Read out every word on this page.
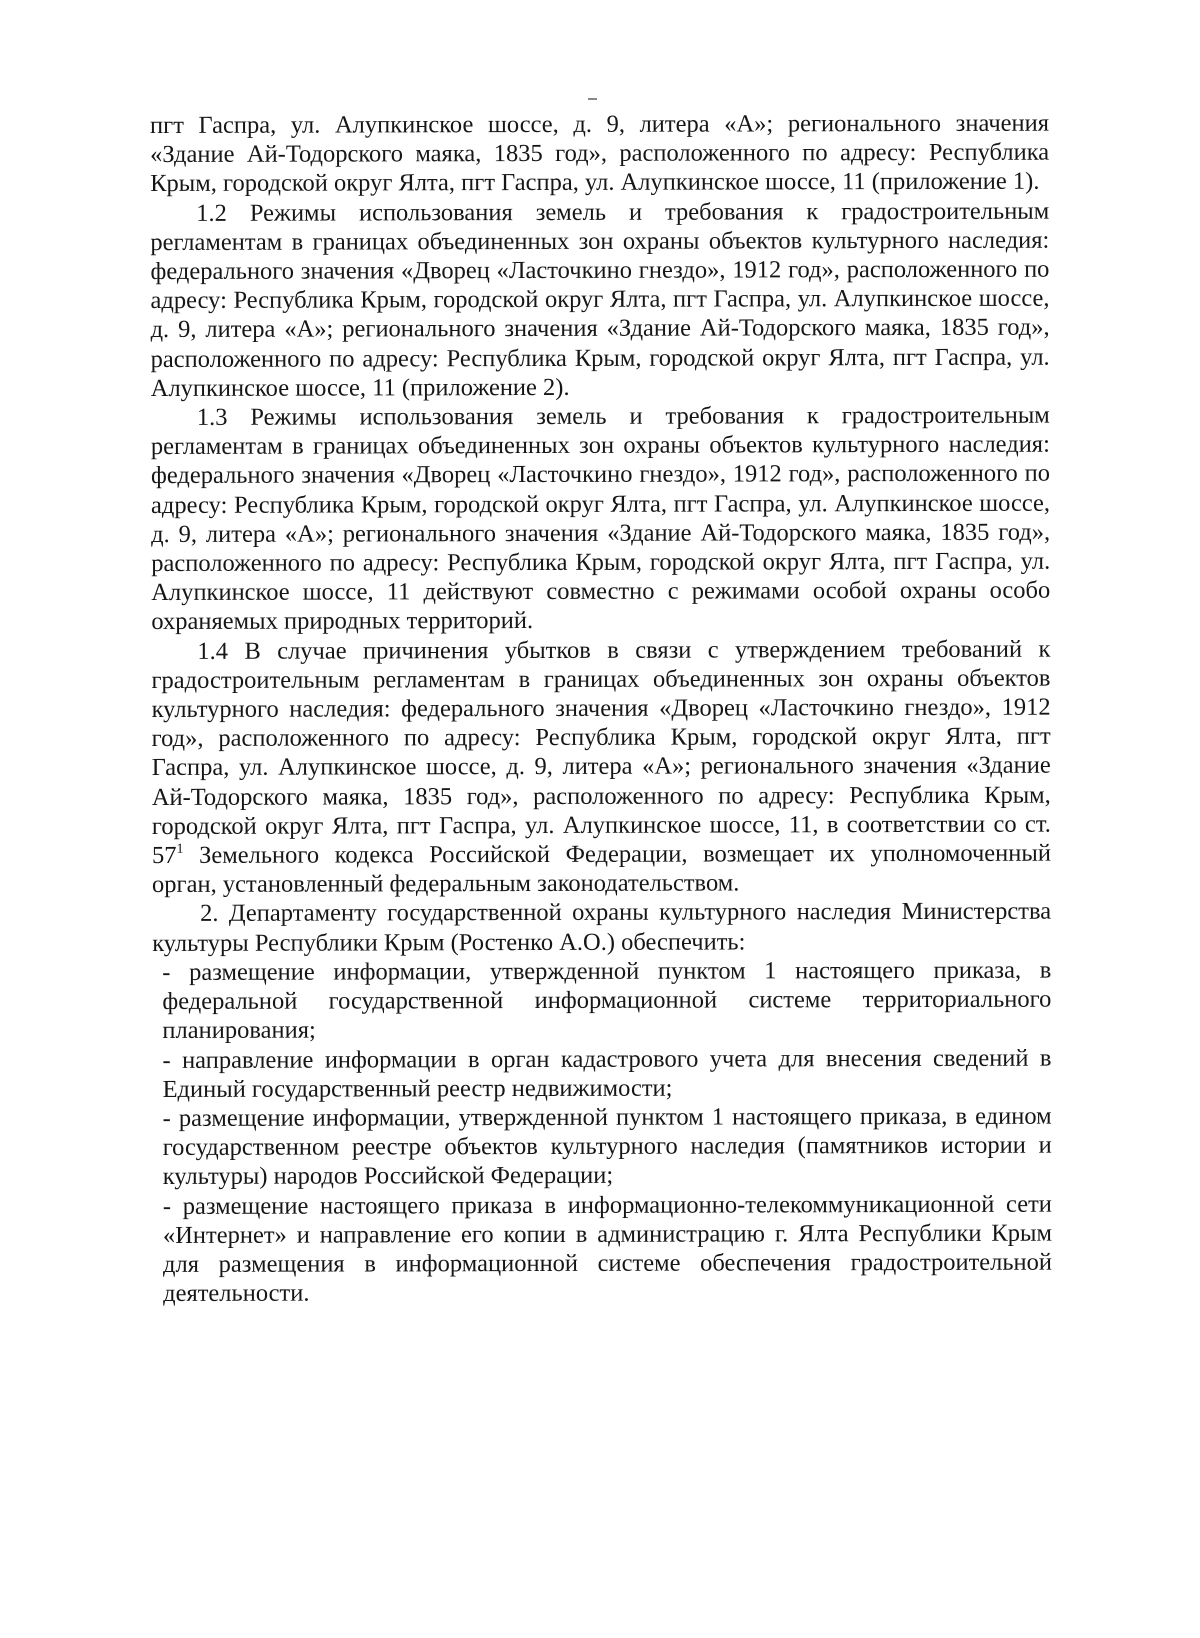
пгт Гаспра, ул. Алупкинское шоссе, д. 9, литера «А»; регионального значения «Здание Ай-Тодорского маяка, 1835 год», расположенного по адресу: Республика Крым, городской округ Ялта, пгт Гаспра, ул. Алупкинское шоссе, 11 (приложение 1).

1.2 Режимы использования земель и требования к градостроительным регламентам в границах объединенных зон охраны объектов культурного наследия: федерального значения «Дворец «Ласточкино гнездо», 1912 год», расположенного по адресу: Республика Крым, городской округ Ялта, пгт Гаспра, ул. Алупкинское шоссе, д. 9, литера «А»; регионального значения «Здание Ай-Тодорского маяка, 1835 год», расположенного по адресу: Республика Крым, городской округ Ялта, пгт Гаспра, ул. Алупкинское шоссе, 11 (приложение 2).

1.3 Режимы использования земель и требования к градостроительным регламентам в границах объединенных зон охраны объектов культурного наследия: федерального значения «Дворец «Ласточкино гнездо», 1912 год», расположенного по адресу: Республика Крым, городской округ Ялта, пгт Гаспра, ул. Алупкинское шоссе, д. 9, литера «А»; регионального значения «Здание Ай-Тодорского маяка, 1835 год», расположенного по адресу: Республика Крым, городской округ Ялта, пгт Гаспра, ул. Алупкинское шоссе, 11 действуют совместно с режимами особой охраны особо охраняемых природных территорий.

1.4 В случае причинения убытков в связи с утверждением требований к градостроительным регламентам в границах объединенных зон охраны объектов культурного наследия: федерального значения «Дворец «Ласточкино гнездо», 1912 год», расположенного по адресу: Республика Крым, городской округ Ялта, пгт Гаспра, ул. Алупкинское шоссе, д. 9, литера «А»; регионального значения «Здание Ай-Тодорского маяка, 1835 год», расположенного по адресу: Республика Крым, городской округ Ялта, пгт Гаспра, ул. Алупкинское шоссе, 11, в соответствии со ст. $57^1$ Земельного кодекса Российской Федерации, возмещает их уполномоченный орган, установленный федеральным законодательством.

2. Департаменту государственной охраны культурного наследия Министерства культуры Республики Крым (Ростенко А.О.) обеспечить:

- размещение информации, утвержденной пунктом 1 настоящего приказа, в федеральной государственной информационной системе территориального планирования;

- направление информации в орган кадастрового учета для внесения сведений в Единый государственный реестр недвижимости;

- размещение информации, утвержденной пунктом 1 настоящего приказа, в едином государственном реестре объектов культурного наследия (памятников истории и культуры) народов Российской Федерации;

- размещение настоящего приказа в информационно-телекоммуникационной сети «Интернет» и направление его копии в администрацию г. Ялта Республики Крым для размещения в информационной системе обеспечения градостроительной деятельности.
